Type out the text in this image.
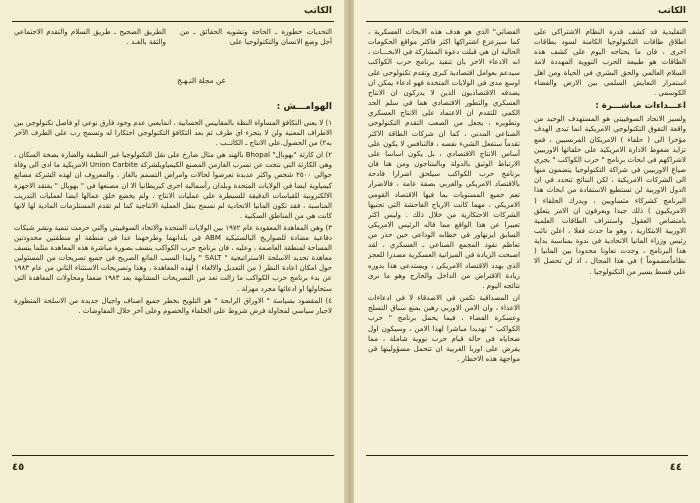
الكاتب
التحديات خطورة ـ الحاجة وتشويه الحقائق ـ من أجل وضع الانسان والتكنولوجيا على
الطريق الصحيح ـ طريق السلام والتقدم الاجتماعي والثقة بالغـد .
عن مجلة النـهـج
الهوامـــش :

١) لا يعني التكافؤ المساواة النظة بالمقاييس الحسابية ، انمايعني عدم وجود فارق نوعي او فاصل تكنولوجي بين الاطراف المعنية ولن لا يتجزء اي طرف ثم بعد التكافؤ التكنولوجي احتكارا له وتسمح رب على الطرف الآخر به٢) من الحصول.علي الانتاج ـ الكاتــب .

٢) ان كارثة "بهوبال" Bhopal بالهند هي مثال صارخ على نقل التكنولوجيا غير النظيفة والضارة بصحة السكان ، وهي الكارثة التي نتجت عن تسرب الغازمن المصنع الكيمياويلشركة Union Carbite الامريكية ما ادى الى وفاة حوالي ٢٥٠٠ شخص واكثر عديدة تعرضوا لحالات وامراض التسمم بالغاز ، والمعروف ان لهذه الشركة مصانع كيمياوية ايضا في الولايات المتحدة وبلدان رأسمالية اخرى كبريطانيا الا ان مصنعها في " بهوبال " يفتقد الاجهزة الالكترونية للقياسات الدقيقة للسيطرة على عمليات الانتاج ، ولم يخضع خلق عمالها ايضا لعمليات التدريب المناسبة ، فقد تكون المانيا الاتحادية لم تسمح بنقل العملية الانتاجية كما لم تقدم المستلزمات المادية لها لانها كانت هي من المناطق السكنية .

٣) وهي المعاهدة المعقودة عام ١٩٧٢ بين الولايات المتحدة والاتحاد السوفييتي والتي حرمت تنمية ونشر شبكات دفاعية مضادة للصواريخ البالستيكية ABM في بلدانهما وطرحهما عدا في منطقة او منطقتين محدودتين المساحة لمنطقة العاصمة ، وعليه ، فان برنامج حرب الكواكب ينسف بصورة مباشرة هذه المعاهدة مثلما ينسف معاهدة تحديد الاسلحة الاستراتيجية " SALT " وليذا السبب المانع الصريح في جميع تصريحات من المسئولين حول امكان اعادة النظر ( من التعديل والالغاء ) لهذه المعاهدة ، وهذا وتصريحات الاستثناء الثاني من عام ١٩٨٣ عن بدء برنامج حرب الكواكب ما زالت تعد من التصريحات المشابهة بعد ١٩٨٣ ضعفا ومحاولات المعاهدة التي ستحاولها او ادعائها مجرد مهزلة .

٤) المقصود بسياسة " الاوراق الرابحة " هو التلويح بخطر جميع اصناف واجيال جديدة من الاسلحة المتطورة لاجبار سياسي لمحاولة فرض شروط على الحلفاء والخصوم وعلى آخر حلال المفاوضات .

٤٥
الكاتب

التقليدية قد كشف قدرة النظام الاشتراكي على اطلاق طاقات التكنولوجيا الكامنة لسود بطاقات اخرى ، فان ما يحتاجه اليوم على كشف هذه الطاقات هو طبيعة الحرب النووية المهددة لامة السلام العالمي والحق البشري في الحياة ومن اهل استمرار التعايش السلمي بين الارض والفضاء الكوسمي .

اعـــداءات مباشـــرة :

ولسير الاتحاد السوفييتي هو المستهدف الوحيد من واقعة التفوق التكنولوجي الامريكية انما تبدى الهدف مؤخرا الى ( حلفاء ) الامريكان الفرنسيين ، فمع تزايد ضغوط الادارة الامريكية على حلفائها الاوربيين لاشراكهم في ابحاث برنامج " حرب الكواكب " يجري صياغ الاوربيين في شراكة التكنولوجيا ينضمون منها الى الشركات الامريكية ، لكن النتائج تتحدد في ان الدول الاوربية لن تستطيع الاستفادة من ابحاث هذا البرنامج كشركاء متساويين ، ويدرك الحلفاء ( الامريكيون ) ذلك جيدا ويعرفون ان الامر يتعلق بامتصاص العقول واستنزاف الطاقات العلمية الاوربية الابتكارية ، وهو ما حدث فعلا ، اعلن نائب رئيس وزراء المانيا الاتحادية في ندوة بمناسبة بداية هذا البرنامج ، وجدت تعاونا محدودا بين المانيا ( نظاماًمضموماً ) في هذا المجال ، اذ لن تحصل الا على قسط يسير من التكنولوجيا .

الفضائي" الذي هو هدف هذه الابحاث العسكرية ، كما سيزعزع اشتراكها اكثر فاكثر مواقع الحكومات الحالية ان هي قبلت دعوة المشاركة في الابحـــاث ، انه الادعاء الاخر بان تنفيذ برنامج حرب الكواكب سيدعم بعوامل اقتصادية كبرى وتقدم تكنولوجي على اوسع مدى في الولايات المتحدة فهو ادعاء يمكن ان يصدقه الاقتصاديون الذين لا يدركون ان الانتاج العسكري والتطور الاقتصادي هما في سلم الحد الكمي للتقدم ان الاعتماد على الانتاج العسكري وتطويره ، يجعل من الصعب التقدم التكنولوجي الصناعي المدني ، كما ان شركات الطاقة الاكثر تقدماً ستفعل الشيء نفسه ، فالتنافس لا يكون على أساس الانتاج الاقتصادي ، بل يكون اساسا على الارتباط الوثيق بالدولة وبالبنتاجون ومن هنا فان برنامج حرب الكواكب سيلحق اضرارا فادحة بالاقتصاد الامريكي والغربي بصفة عامة ، فالاضرار تعم جميع المستويات بما فيها الاقتصاد القومي الامريكي ، مهما كانت الارباح الفاحشة التي تجنيها الشركات الاحتكارية من خلال ذلك . وليس اكثر تعبيرا عن هذا الواقع مما قاله الرئيس الامريكي السابق ايزنهاور في خطابه الوداعي حين حذر من تعاظم نفوذ المجمع الصناعي ـ العسكري ، لقد اصبحت الزيادة في الميزانية العسكرية مصدرا للعجز الذي يهدد الاقتصاد الامريكي ، ويستدعي هذا بدوره زيادة الاقتراض من الداخل والخارج وهو ما نرى نتائجه اليوم .

ان المصداقية تكمن في الاصدقاء لا في ادعاءات الاعداء ، وان الامن الاوربي رهين بمنع سباق التسلح وعسكرة الفضاء ، فيما يحمل برنامج " حرب الكواكب " تهديدا مباشرا لهذا الامن ، وسيكون اول ضحاياه في حالة قيام حرب نووية شاملة ، مما يفرض على اوربا الغربية ان تتحمل مسؤوليتها في مواجهة هذه الاخطار .

٤٤
